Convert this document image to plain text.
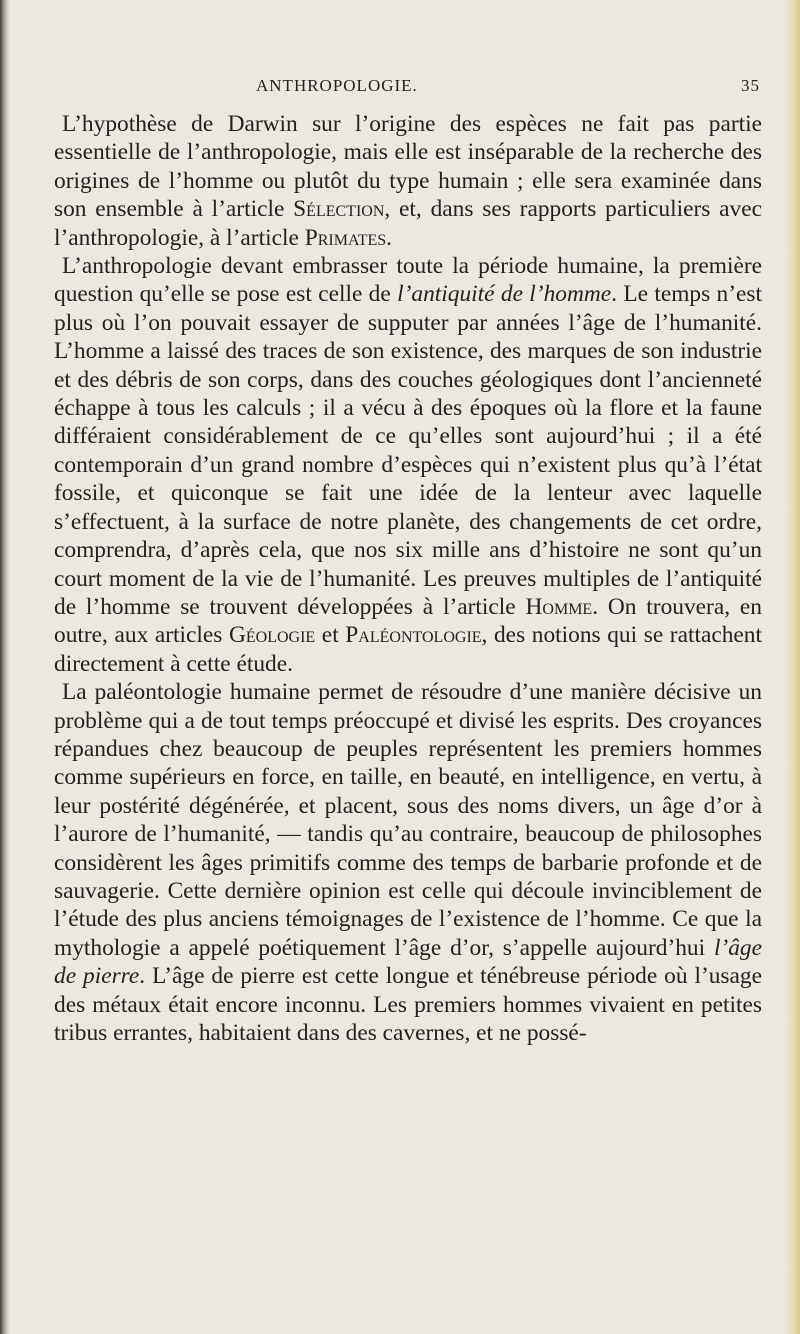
ANTHROPOLOGIE.	35

L’hypothèse de Darwin sur l’origine des espèces ne fait pas partie essentielle de l’anthropologie, mais elle est inséparable de la recherche des origines de l’homme ou plutôt du type humain ; elle sera examinée dans son ensemble à l’article Sélection, et, dans ses rapports particuliers avec l’anthropologie, à l’article Primates.

L’anthropologie devant embrasser toute la période humaine, la première question qu’elle se pose est celle de l’antiquité de l’homme. Le temps n’est plus où l’on pouvait essayer de supputer par années l’âge de l’humanité. L’homme a laissé des traces de son existence, des marques de son industrie et des débris de son corps, dans des couches géologiques dont l’ancienneté échappe à tous les calculs ; il a vécu à des époques où la flore et la faune différaient considérablement de ce qu’elles sont aujourd’hui ; il a été contemporain d’un grand nombre d’espèces qui n’existent plus qu’à l’état fossile, et quiconque se fait une idée de la lenteur avec laquelle s’effectuent, à la surface de notre planète, des changements de cet ordre, comprendra, d’après cela, que nos six mille ans d’histoire ne sont qu’un court moment de la vie de l’humanité. Les preuves multiples de l’antiquité de l’homme se trouvent développées à l’article Homme. On trouvera, en outre, aux articles Géologie et Paléontologie, des notions qui se rattachent directement à cette étude.

La paléontologie humaine permet de résoudre d’une manière décisive un problème qui a de tout temps préoccupé et divisé les esprits. Des croyances répandues chez beaucoup de peuples représentent les premiers hommes comme supérieurs en force, en taille, en beauté, en intelligence, en vertu, à leur postérité dégénérée, et placent, sous des noms divers, un âge d’or à l’aurore de l’humanité, — tandis qu’au contraire, beaucoup de philosophes considèrent les âges primitifs comme des temps de barbarie profonde et de sauvagerie. Cette dernière opinion est celle qui découle invinciblement de l’étude des plus anciens témoignages de l’existence de l’homme. Ce que la mythologie a appelé poétiquement l’âge d’or, s’appelle aujourd’hui l’âge de pierre. L’âge de pierre est cette longue et ténébreuse période où l’usage des métaux était encore inconnu. Les premiers hommes vivaient en petites tribus errantes, habitaient dans des cavernes, et ne possé-
